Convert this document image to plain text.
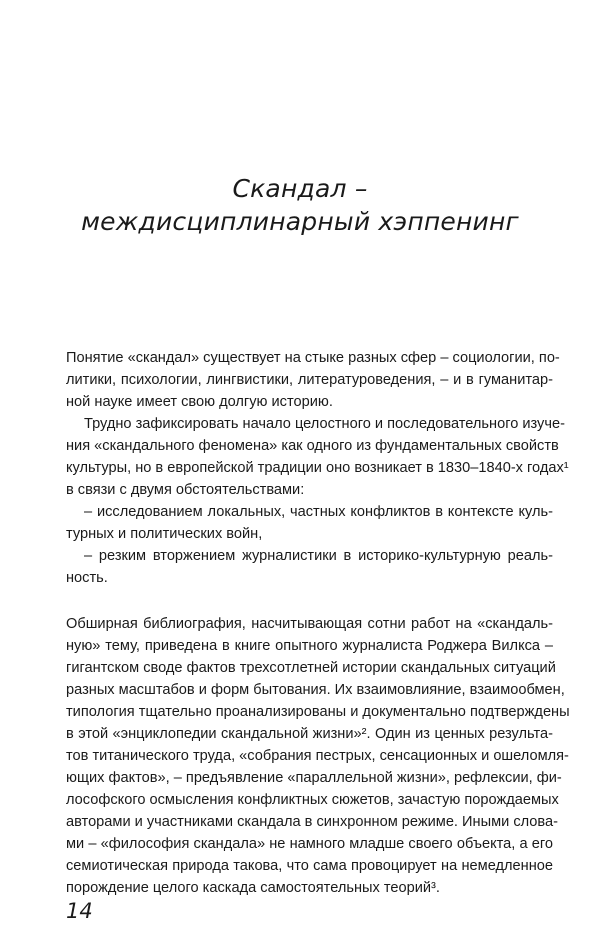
Скандал –
междисциплинарный хэппенинг
Понятие «скандал» существует на стыке разных сфер – социологии, по-
литики, психологии, лингвистики, литературоведения, – и в гуманитар-
ной науке имеет свою долгую историю.
Трудно зафиксировать начало целостного и последовательного изуче-
ния «скандального феномена» как одного из фундаментальных свойств
культуры, но в европейской традиции оно возникает в 1830–1840-х годах¹
в связи с двумя обстоятельствами:
– исследованием локальных, частных конфликтов в контексте куль-
турных и политических войн,
– резким вторжением журналистики в историко-культурную реаль-
ность.
Обширная библиография, насчитывающая сотни работ на «скандаль-
ную» тему, приведена в книге опытного журналиста Роджера Вилкса –
гигантском своде фактов трехсотлетней истории скандальных ситуаций
разных масштабов и форм бытования. Их взаимовлияние, взаимообмен,
типология тщательно проанализированы и документально подтверждены
в этой «энциклопедии скандальной жизни»². Один из ценных результа-
тов титанического труда, «собрания пестрых, сенсационных и ошеломля-
ющих фактов», – предъявление «параллельной жизни», рефлексии, фи-
лософского осмысления конфликтных сюжетов, зачастую порождаемых
авторами и участниками скандала в синхронном режиме. Иными слова-
ми – «философия скандала» не намного младше своего объекта, а его
семиотическая природа такова, что сама провоцирует на немедленное
порождение целого каскада самостоятельных теорий³.
14
